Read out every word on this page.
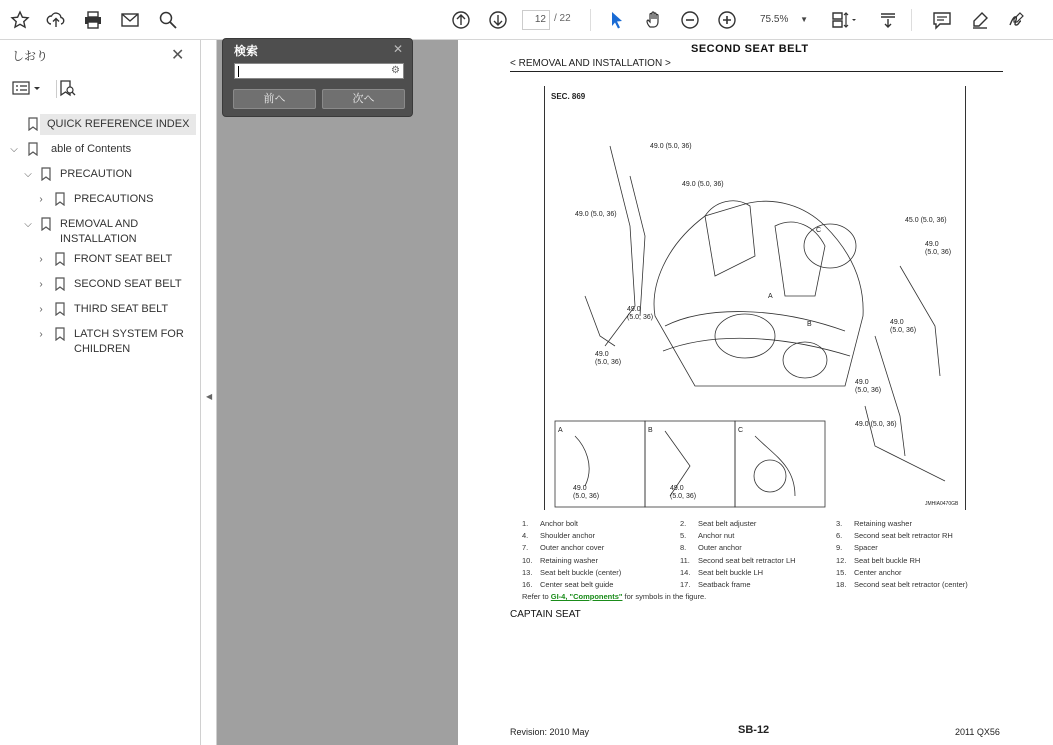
12 / 22	75.5% ▼
しおり	✕
QUICK REFERENCE INDEX
⌵	able of Contents
⌵	PRECAUTION
›	PRECAUTIONS
⌵	REMOVAL AND
INSTALLATION
›	FRONT SEAT BELT
›	SECOND SEAT BELT
›	THIRD SEAT BELT
›	LATCH SYSTEM FOR
CHILDREN
◀
SECOND SEAT BELT
< REMOVAL AND INSTALLATION >
SEC. 869
49.0 (5.0, 36)
49.0 (5.0, 36)
49.0 (5.0, 36)
45.0 (5.0, 36)
49.0
(5.0, 36)
49.0
(5.0, 36)
49.0
(5.0, 36)
49.0
(5.0, 36)
49.0
(5.0, 36)
49.0 (5.0, 36)
49.0
(5.0, 36)
49.0
(5.0, 36)
A	B	C
A
B
C
JMHIA0470GB
1. Anchor bolt	2. Seat belt adjuster	3. Retaining washer
4. Shoulder anchor	5. Anchor nut	6. Second seat belt retractor RH
7. Outer anchor cover	8. Outer anchor	9. Spacer
10. Retaining washer	11. Second seat belt retractor LH	12. Seat belt buckle RH
13. Seat belt buckle (center)	14. Seat belt buckle LH	15. Center anchor
16. Center seat belt guide	17. Seatback frame	18. Second seat belt retractor (center)
Refer to GI-4, "Components" for symbols in the figure.
CAPTAIN SEAT
Revision: 2010 May	SB-12	2011 QX56
検索	✕
⚙
前へ	次へ
